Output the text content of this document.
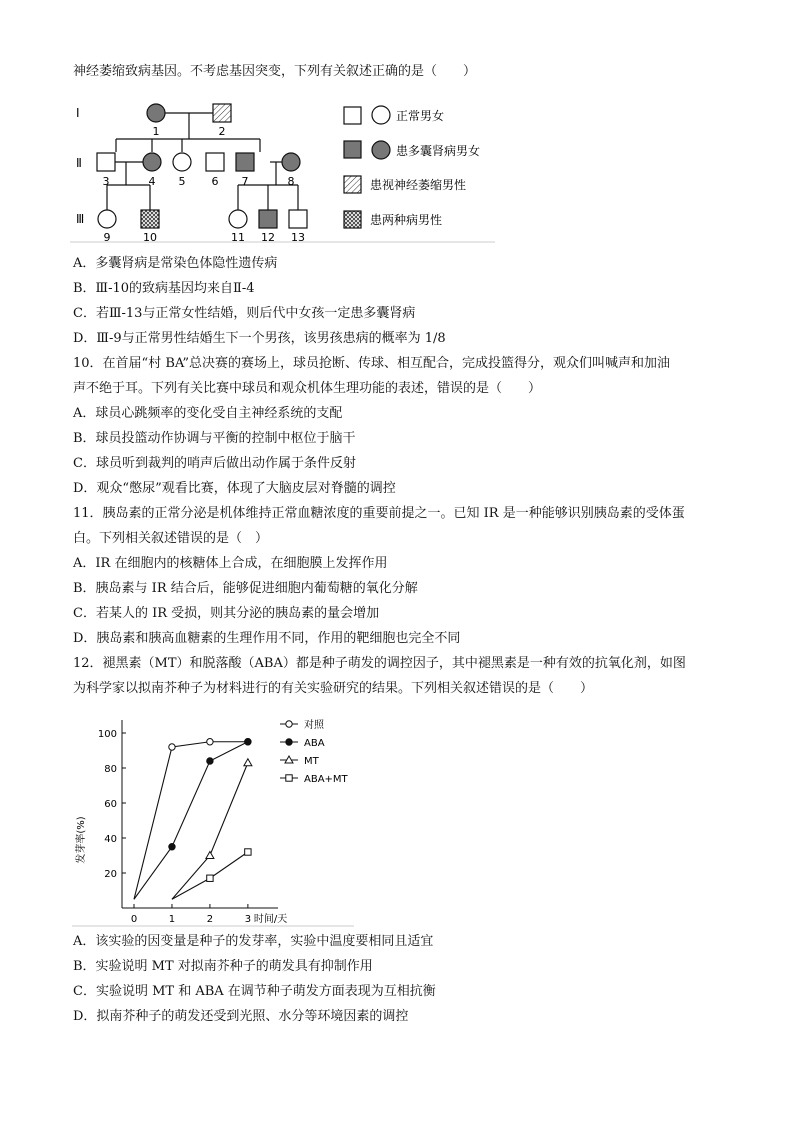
神经萎缩致病基因。不考虑基因突变，下列有关叙述正确的是（　　）
Ⅰ
Ⅱ
Ⅲ
1	2
3	4 5 6 7	8
9	10	11 12 13
正常男女
患多囊肾病男女
患视神经萎缩男性
患两种病男性
A．多囊肾病是常染色体隐性遗传病
B．Ⅲ-10的致病基因均来自Ⅱ-4
C．若Ⅲ-13与正常女性结婚，则后代中女孩一定患多囊肾病
D．Ⅲ-9与正常男性结婚生下一个男孩，该男孩患病的概率为 1/8
10．在首届“村 BA”总决赛的赛场上，球员抢断、传球、相互配合，完成投篮得分，观众们叫喊声和加油
声不绝于耳。下列有关比赛中球员和观众机体生理功能的表述，错误的是（　　）
A．球员心跳频率的变化受自主神经系统的支配
B．球员投篮动作协调与平衡的控制中枢位于脑干
C．球员听到裁判的哨声后做出动作属于条件反射
D．观众“憋尿”观看比赛，体现了大脑皮层对脊髓的调控
11．胰岛素的正常分泌是机体维持正常血糖浓度的重要前提之一。已知 IR 是一种能够识别胰岛素的受体蛋
白。下列相关叙述错误的是（　）
A．IR 在细胞内的核糖体上合成，在细胞膜上发挥作用
B．胰岛素与 IR 结合后，能够促进细胞内葡萄糖的氧化分解
C．若某人的 IR 受损，则其分泌的胰岛素的量会增加
D．胰岛素和胰高血糖素的生理作用不同，作用的靶细胞也完全不同
12．褪黑素（MT）和脱落酸（ABA）都是种子萌发的调控因子，其中褪黑素是一种有效的抗氧化剂，如图
为科学家以拟南芥种子为材料进行的有关实验研究的结果。下列相关叙述错误的是（　　）
20
40
60
80
100
0	1	2	3 时间/天
对照
ABA
MT
ABA+MT
发芽率(%)
A．该实验的因变量是种子的发芽率，实验中温度要相同且适宜
B．实验说明 MT 对拟南芥种子的萌发具有抑制作用
C．实验说明 MT 和 ABA 在调节种子萌发方面表现为互相抗衡
D．拟南芥种子的萌发还受到光照、水分等环境因素的调控
